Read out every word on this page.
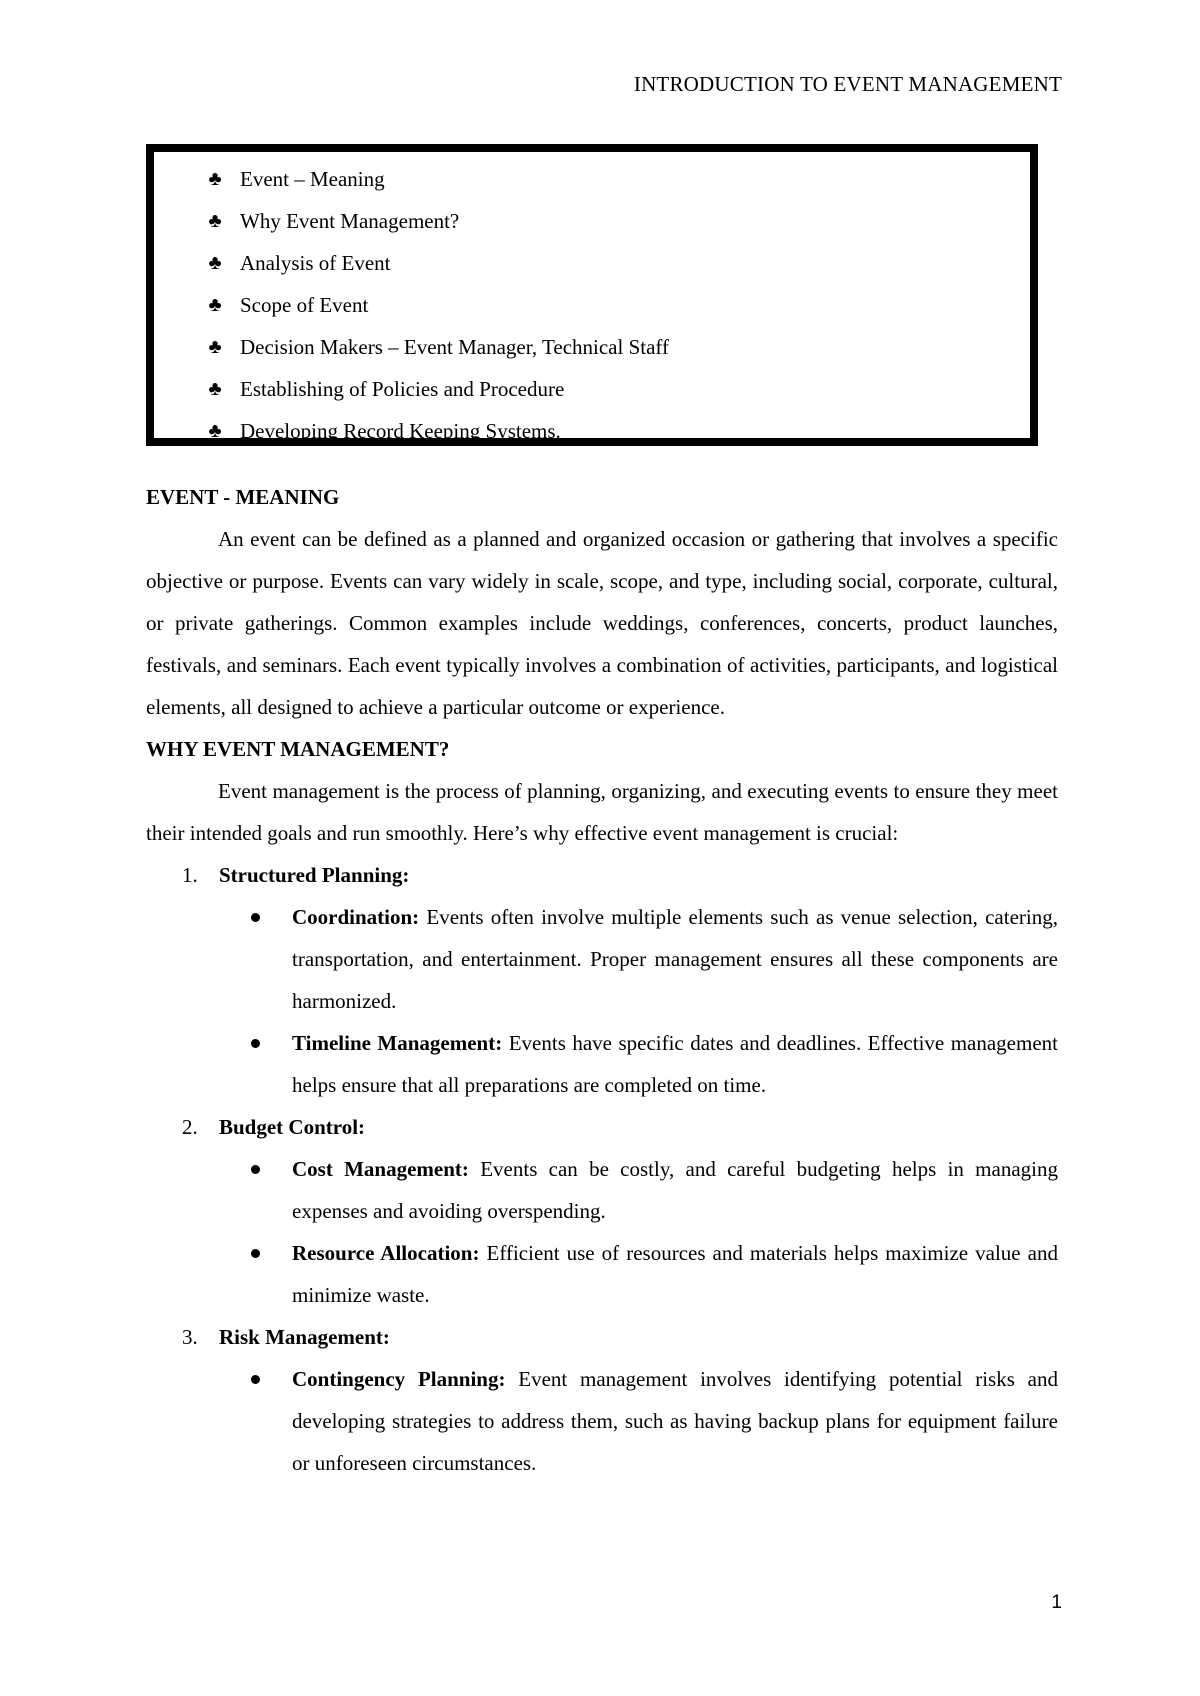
INTRODUCTION TO EVENT MANAGEMENT
♣ Event – Meaning
♣ Why Event Management?
♣ Analysis of Event
♣ Scope of Event
♣ Decision Makers – Event Manager, Technical Staff
♣ Establishing of Policies and Procedure
♣ Developing Record Keeping Systems.

EVENT - MEANING

An event can be defined as a planned and organized occasion or gathering that involves a specific objective or purpose. Events can vary widely in scale, scope, and type, including social, corporate, cultural, or private gatherings. Common examples include weddings, conferences, concerts, product launches, festivals, and seminars. Each event typically involves a combination of activities, participants, and logistical elements, all designed to achieve a particular outcome or experience.

WHY EVENT MANAGEMENT?

Event management is the process of planning, organizing, and executing events to ensure they meet their intended goals and run smoothly. Here’s why effective event management is crucial:

1. Structured Planning:
Coordination: Events often involve multiple elements such as venue selection, catering, transportation, and entertainment. Proper management ensures all these components are harmonized.
Timeline Management: Events have specific dates and deadlines. Effective management helps ensure that all preparations are completed on time.
2. Budget Control:
Cost Management: Events can be costly, and careful budgeting helps in managing expenses and avoiding overspending.
Resource Allocation: Efficient use of resources and materials helps maximize value and minimize waste.
3. Risk Management:
Contingency Planning: Event management involves identifying potential risks and developing strategies to address them, such as having backup plans for equipment failure or unforeseen circumstances.
1
